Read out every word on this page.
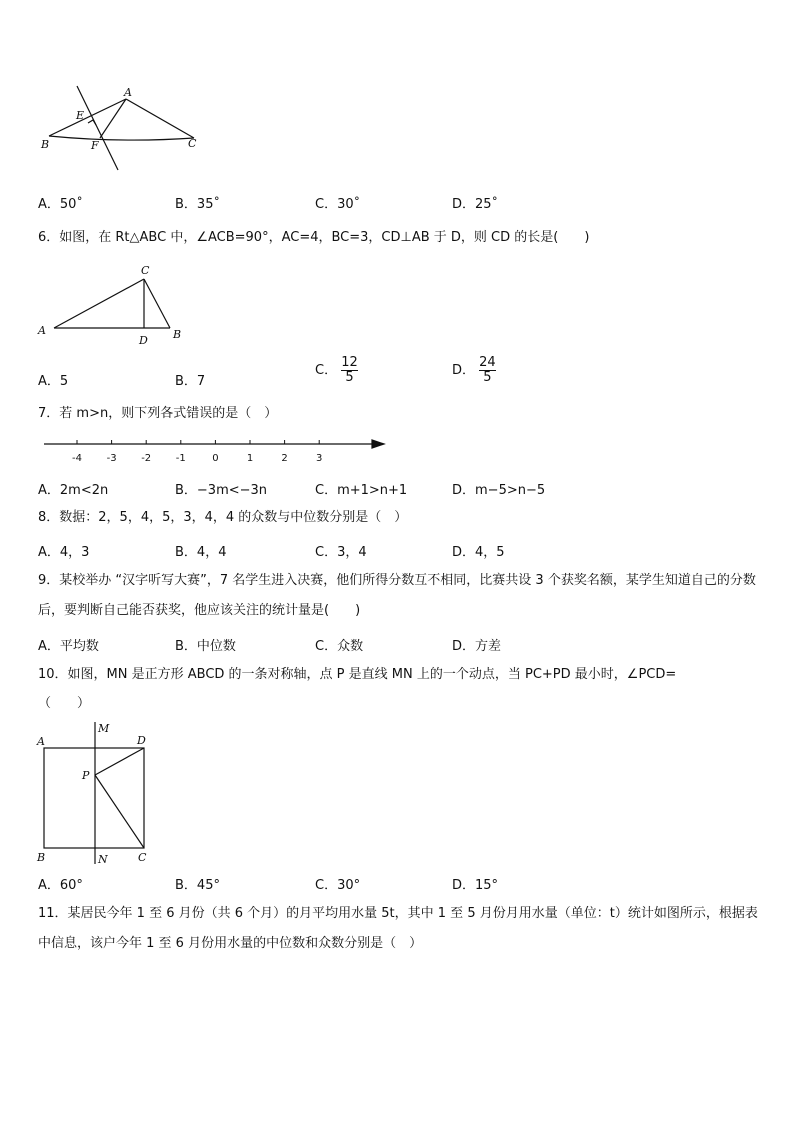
A
B	C
E
F
A．50˚	B．35˚	C．30˚	D．25˚
6．如图，在 Rt△ABC 中，∠ACB=90°，AC=4，BC=3，CD⊥AB 于 D，则 CD 的长是(　　)
C
A
D B
A．5	B．7
C． $\frac{12}{5}$	D． $\frac{24}{5}$
7．若 m>n，则下列各式错误的是（　）
-4 -3 -2 -1	0	1	2	3
A．2m<2n	B．−3m<−3n	C．m+1>n+1	D．m−5>n−5
8．数据：2，5，4，5，3，4，4 的众数与中位数分别是（　）
A．4，3	B．4，4	C．3，4	D．4，5
9．某校举办 “汉字听写大赛”，7 名学生进入决赛，他们所得分数互不相同，比赛共设 3 个获奖名额，某学生知道自己的分数后，要判断自己能否获奖，他应该关注的统计量是(　　)
A．平均数	B．中位数	C．众数	D．方差
10．如图，MN 是正方形 ABCD 的一条对称轴，点 P 是直线 MN 上的一个动点，当 PC+PD 最小时，∠PCD=
（　　）
A	D
M
P
B	N	C
A．60°	B．45°	C．30°	D．15°
11．某居民今年 1 至 6 月份（共 6 个月）的月平均用水量 5t，其中 1 至 5 月份月用水量（单位：t）统计如图所示，根据表中信息，该户今年 1 至 6 月份用水量的中位数和众数分别是（　）
